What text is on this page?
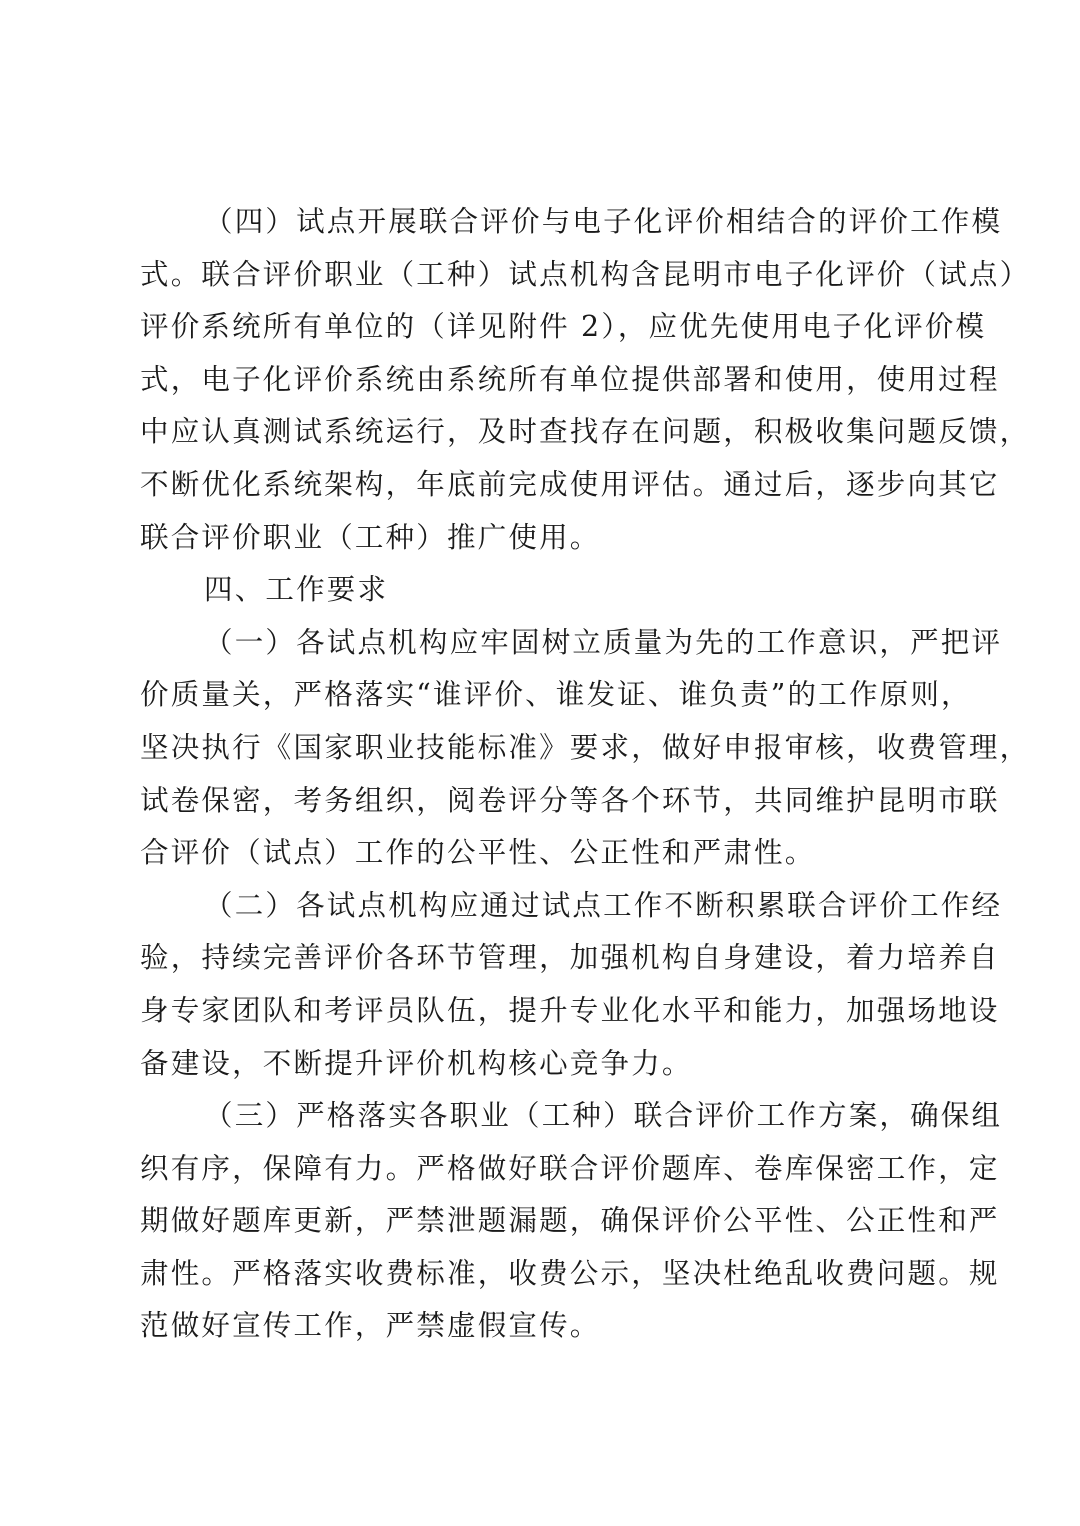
（四）试点开展联合评价与电子化评价相结合的评价工作模
式。联合评价职业（工种）试点机构含昆明市电子化评价（试点）
评价系统所有单位的（详见附件 2），应优先使用电子化评价模
式，电子化评价系统由系统所有单位提供部署和使用，使用过程
中应认真测试系统运行，及时查找存在问题，积极收集问题反馈，
不断优化系统架构，年底前完成使用评估。通过后，逐步向其它
联合评价职业（工种）推广使用。
四、工作要求
（一）各试点机构应牢固树立质量为先的工作意识，严把评
价质量关，严格落实“谁评价、谁发证、谁负责”的工作原则，
坚决执行《国家职业技能标准》要求，做好申报审核，收费管理，
试卷保密，考务组织，阅卷评分等各个环节，共同维护昆明市联
合评价（试点）工作的公平性、公正性和严肃性。
（二）各试点机构应通过试点工作不断积累联合评价工作经
验，持续完善评价各环节管理，加强机构自身建设，着力培养自
身专家团队和考评员队伍，提升专业化水平和能力，加强场地设
备建设，不断提升评价机构核心竞争力。
（三）严格落实各职业（工种）联合评价工作方案，确保组
织有序，保障有力。严格做好联合评价题库、卷库保密工作，定
期做好题库更新，严禁泄题漏题，确保评价公平性、公正性和严
肃性。严格落实收费标准，收费公示，坚决杜绝乱收费问题。规
范做好宣传工作，严禁虚假宣传。
